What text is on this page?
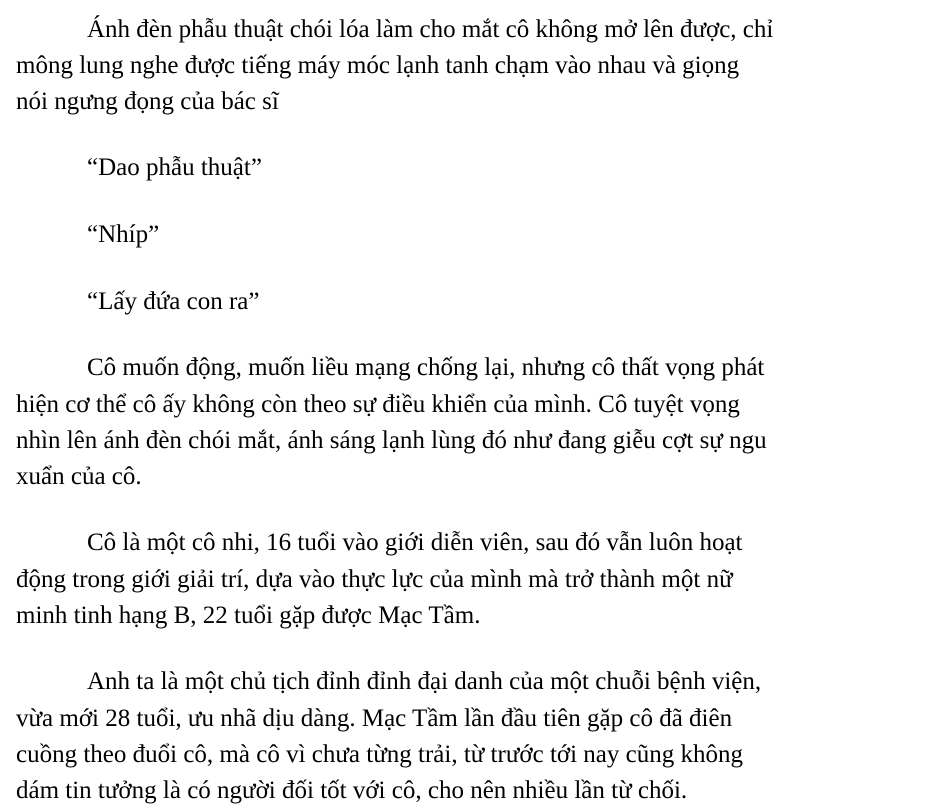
Ánh đèn phẫu thuật chói lóa làm cho mắt cô không mở lên được, chỉ
mông lung nghe được tiếng máy móc lạnh tanh chạm vào nhau và giọng
nói ngưng đọng của bác sĩ
“Dao phẫu thuật”
“Nhíp”
“Lấy đứa con ra”
Cô muốn động, muốn liều mạng chống lại, nhưng cô thất vọng phát
hiện cơ thể cô ấy không còn theo sự điều khiển của mình. Cô tuyệt vọng
nhìn lên ánh đèn chói mắt, ánh sáng lạnh lùng đó như đang giễu cợt sự ngu
xuẩn của cô.
Cô là một cô nhi, 16 tuổi vào giới diễn viên, sau đó vẫn luôn hoạt
động trong giới giải trí, dựa vào thực lực của mình mà trở thành một nữ
minh tinh hạng B, 22 tuổi gặp được Mạc Tầm.
Anh ta là một chủ tịch đỉnh đỉnh đại danh của một chuỗi bệnh viện,
vừa mới 28 tuổi, ưu nhã dịu dàng. Mạc Tầm lần đầu tiên gặp cô đã điên
cuồng theo đuổi cô, mà cô vì chưa từng trải, từ trước tới nay cũng không
dám tin tưởng là có người đối tốt với cô, cho nên nhiều lần từ chối.
